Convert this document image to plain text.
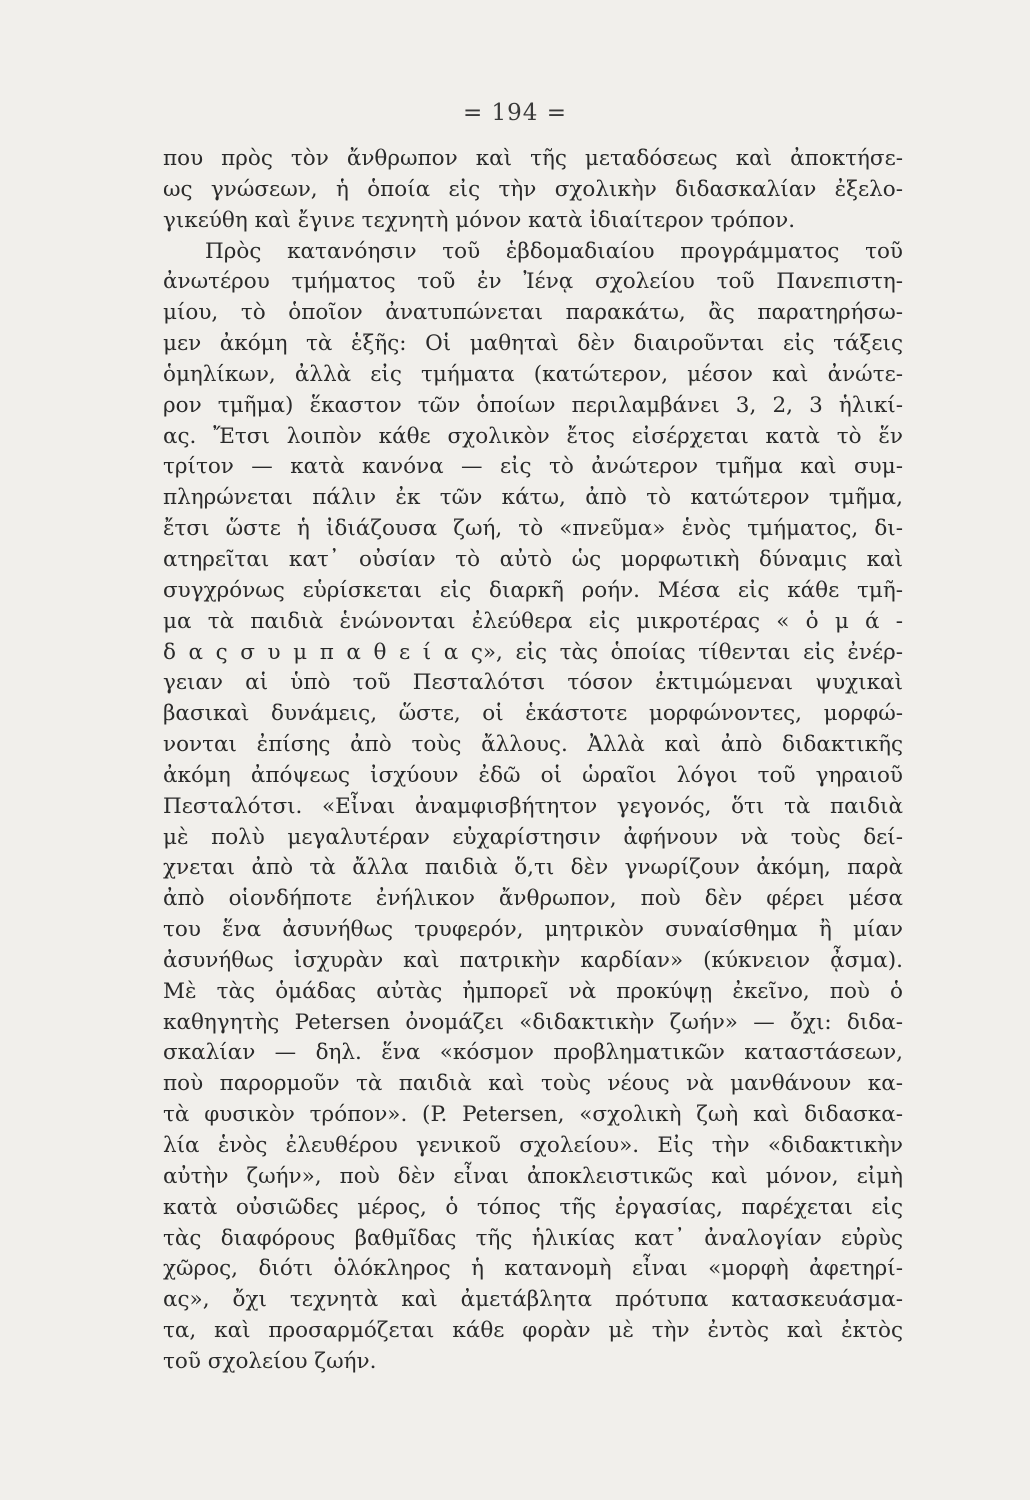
= 194 =
που πρὸς τὸν ἄνθρωπον καὶ τῆς μεταδόσεως καὶ ἀποκτήσε-
ως γνώσεων, ἡ ὁποία εἰς τὴν σχολικὴν διδασκαλίαν ἐξελο-
γικεύθη καὶ ἔγινε τεχνητὴ μόνον κατὰ ἰδιαίτερον τρόπον.
Πρὸς κατανόησιν τοῦ ἑβδομαδιαίου προγράμματος τοῦ
ἀνωτέρου τμήματος τοῦ ἐν Ἰένᾳ σχολείου τοῦ Πανεπιστη-
μίου, τὸ ὁποῖον ἀνατυπώνεται παρακάτω, ἂς παρατηρήσω-
μεν ἀκόμη τὰ ἑξῆς: Οἱ μαθηταὶ δὲν διαιροῦνται εἰς τάξεις
ὁμηλίκων, ἀλλὰ εἰς τμήματα (κατώτερον, μέσον καὶ ἀνώτε-
ρον τμῆμα) ἕκαστον τῶν ὁποίων περιλαμβάνει 3, 2, 3 ἡλικί-
ας. Ἔτσι λοιπὸν κάθε σχολικὸν ἔτος εἰσέρχεται κατὰ τὸ ἕν
τρίτον — κατὰ κανόνα — εἰς τὸ ἀνώτερον τμῆμα καὶ συμ-
πληρώνεται πάλιν ἐκ τῶν κάτω, ἀπὸ τὸ κατώτερον τμῆμα,
ἔτσι ὥστε ἡ ἰδιάζουσα ζωή, τὸ «πνεῦμα» ἑνὸς τμήματος, δι-
ατηρεῖται κατ᾽ οὐσίαν τὸ αὐτὸ ὡς μορφωτικὴ δύναμις καὶ
συγχρόνως εὑρίσκεται εἰς διαρκῆ ροήν. Μέσα εἰς κάθε τμῆ-
μα τὰ παιδιὰ ἑνώνονται ἐλεύθερα εἰς μικροτέρας « ὁ μ ά -
δ α ς σ υ μ π α θ ε ί α ς», εἰς τὰς ὁποίας τίθενται εἰς ἐνέρ-
γειαν αἱ ὑπὸ τοῦ Πεσταλότσι τόσον ἐκτιμώμεναι ψυχικαὶ
βασικαὶ δυνάμεις, ὥστε, οἱ ἑκάστοτε μορφώνοντες, μορφώ-
νονται ἐπίσης ἀπὸ τοὺς ἄλλους. Ἀλλὰ καὶ ἀπὸ διδακτικῆς
ἀκόμη ἀπόψεως ἰσχύουν ἐδῶ οἱ ὡραῖοι λόγοι τοῦ γηραιοῦ
Πεσταλότσι. «Εἶναι ἀναμφισβήτητον γεγονός, ὅτι τὰ παιδιὰ
μὲ πολὺ μεγαλυτέραν εὐχαρίστησιν ἀφήνουν νὰ τοὺς δεί-
χνεται ἀπὸ τὰ ἄλλα παιδιὰ ὅ,τι δὲν γνωρίζουν ἀκόμη, παρὰ
ἀπὸ οἱονδήποτε ἐνήλικον ἄνθρωπον, ποὺ δὲν φέρει μέσα
του ἕνα ἀσυνήθως τρυφερόν, μητρικὸν συναίσθημα ἢ μίαν
ἀσυνήθως ἰσχυρὰν καὶ πατρικὴν καρδίαν» (κύκνειον ᾆσμα).
Μὲ τὰς ὁμάδας αὐτὰς ἠμπορεῖ νὰ προκύψῃ ἐκεῖνο, ποὺ ὁ
καθηγητὴς Petersen ὀνομάζει «διδακτικὴν ζωήν» — ὄχι: διδα-
σκαλίαν — δηλ. ἕνα «κόσμον προβληματικῶν καταστάσεων,
ποὺ παρορμοῦν τὰ παιδιὰ καὶ τοὺς νέους νὰ μανθάνουν κα-
τὰ φυσικὸν τρόπον». (P. Petersen, «σχολικὴ ζωὴ καὶ διδασκα-
λία ἑνὸς ἐλευθέρου γενικοῦ σχολείου». Εἰς τὴν «διδακτικὴν
αὐτὴν ζωήν», ποὺ δὲν εἶναι ἀποκλειστικῶς καὶ μόνον, εἰμὴ
κατὰ οὐσιῶδες μέρος, ὁ τόπος τῆς ἐργασίας, παρέχεται εἰς
τὰς διαφόρους βαθμῖδας τῆς ἡλικίας κατ᾽ ἀναλογίαν εὐρὺς
χῶρος, διότι ὁλόκληρος ἡ κατανομὴ εἶναι «μορφὴ ἀφετηρί-
ας», ὄχι τεχνητὰ καὶ ἀμετάβλητα πρότυπα κατασκευάσμα-
τα, καὶ προσαρμόζεται κάθε φορὰν μὲ τὴν ἐντὸς καὶ ἐκτὸς
τοῦ σχολείου ζωήν.
